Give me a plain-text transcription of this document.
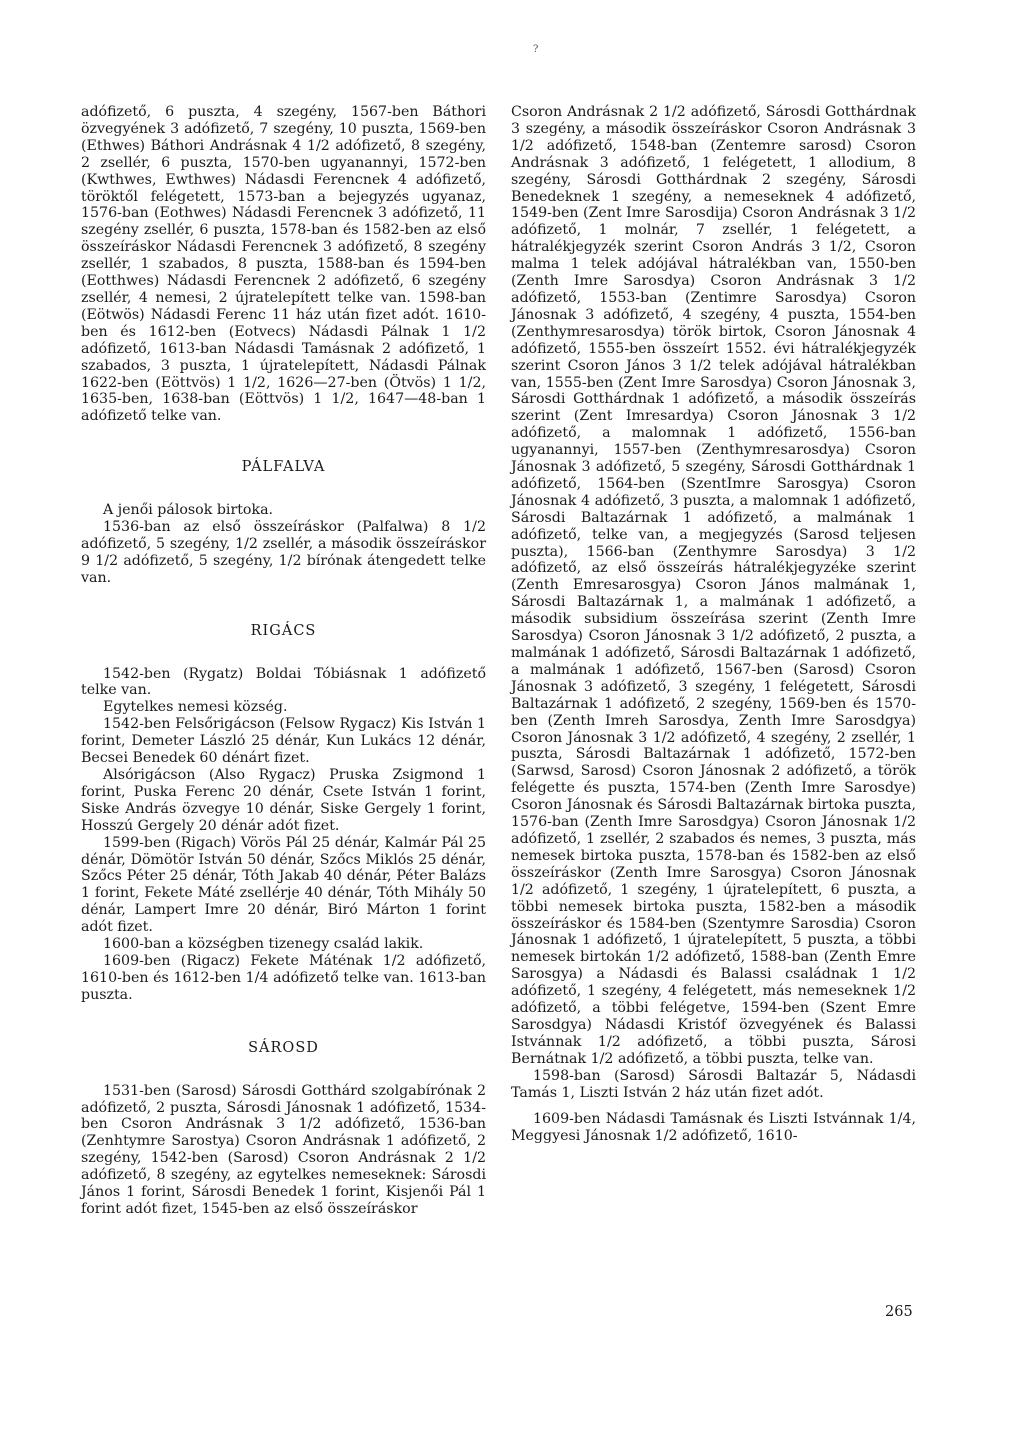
?

adófizető, 6 puszta, 4 szegény, 1567-ben Báthori özvegyének 3 adófizető, 7 szegény, 10 puszta, 1569-ben (Ethwes) Báthori Andrásnak 4 1/2 adófizető, 8 szegény, 2 zsellér, 6 puszta, 1570-ben ugyanannyi, 1572-ben (Kwthwes, Ewthwes) Nádasdi Ferencnek 4 adófizető, töröktől felégetett, 1573-ban a bejegyzés ugyanaz, 1576-ban (Eothwes) Nádasdi Ferencnek 3 adófizető, 11 szegény zsellér, 6 puszta, 1578-ban és 1582-ben az első összeíráskor Nádasdi Ferencnek 3 adófizető, 8 szegény zsellér, 1 szabados, 8 puszta, 1588-ban és 1594-ben (Eotthwes) Nádasdi Ferencnek 2 adófizető, 6 szegény zsellér, 4 nemesi, 2 újratelepített telke van. 1598-ban (Eötwös) Nádasdi Ferenc 11 ház után fizet adót. 1610-ben és 1612-ben (Eotvecs) Nádasdi Pálnak 1 1/2 adófizető, 1613-ban Nádasdi Tamásnak 2 adófizető, 1 szabados, 3 puszta, 1 újratelepített, Nádasdi Pálnak 1622-ben (Eöttvös) 1 1/2, 1626—27-ben (Ötvös) 1 1/2, 1635-ben, 1638-ban (Eöttvös) 1 1/2, 1647—48-ban 1 adófizető telke van.

PÁLFALVA

A jenői pálosok birtoka.

1536-ban az első összeíráskor (Palfalwa) 8 1/2 adófizető, 5 szegény, 1/2 zsellér, a második összeíráskor 9 1/2 adófizető, 5 szegény, 1/2 bírónak átengedett telke van.

RIGÁCS

1542-ben (Rygatz) Boldai Tóbiásnak 1 adófizető telke van.

Egytelkes nemesi község.

1542-ben Felsőrigácson (Felsow Rygacz) Kis István 1 forint, Demeter László 25 dénár, Kun Lukács 12 dénár, Becsei Benedek 60 dénárt fizet.

Alsórigácson (Also Rygacz) Pruska Zsigmond 1 forint, Puska Ferenc 20 dénár, Csete István 1 forint, Siske András özvegye 10 dénár, Siske Gergely 1 forint, Hosszú Gergely 20 dénár adót fizet.

1599-ben (Rigach) Vörös Pál 25 dénár, Kalmár Pál 25 dénár, Dömötör István 50 dénár, Szőcs Miklós 25 dénár, Szőcs Péter 25 dénár, Tóth Jakab 40 dénár, Péter Balázs 1 forint, Fekete Máté zsellérje 40 dénár, Tóth Mihály 50 dénár, Lampert Imre 20 dénár, Biró Márton 1 forint adót fizet.

1600-ban a községben tizenegy család lakik.

1609-ben (Rigacz) Fekete Máténak 1/2 adófizető, 1610-ben és 1612-ben 1/4 adófizető telke van. 1613-ban puszta.

SÁROSD

1531-ben (Sarosd) Sárosdi Gotthárd szolgabírónak 2 adófizető, 2 puszta, Sárosdi Jánosnak 1 adófizető, 1534-ben Csoron Andrásnak 3 1/2 adófizető, 1536-ban (Zenhtymre Sarostya) Csoron Andrásnak 1 adófizető, 2 szegény, 1542-ben (Sarosd) Csoron Andrásnak 2 1/2 adófizető, 8 szegény, az egytelkes nemeseknek: Sárosdi János 1 forint, Sárosdi Benedek 1 forint, Kisjenői Pál 1 forint adót fizet, 1545-ben az első összeíráskor

Csoron Andrásnak 2 1/2 adófizető, Sárosdi Gotthárdnak 3 szegény, a második összeíráskor Csoron Andrásnak 3 1/2 adófizető, 1548-ban (Zentemre sarosd) Csoron Andrásnak 3 adófizető, 1 felégetett, 1 allodium, 8 szegény, Sárosdi Gotthárdnak 2 szegény, Sárosdi Benedeknek 1 szegény, a nemeseknek 4 adófizető, 1549-ben (Zent Imre Sarosdija) Csoron Andrásnak 3 1/2 adófizető, 1 molnár, 7 zsellér, 1 felégetett, a hátralékjegyzék szerint Csoron András 3 1/2, Csoron malma 1 telek adójával hátralékban van, 1550-ben (Zenth Imre Sarosdya) Csoron Andrásnak 3 1/2 adófizető, 1553-ban (Zentimre Sarosdya) Csoron Jánosnak 3 adófizető, 4 szegény, 4 puszta, 1554-ben (Zenthymresarosdya) török birtok, Csoron Jánosnak 4 adófizető, 1555-ben összeírt 1552. évi hátralékjegyzék szerint Csoron János 3 1/2 telek adójával hátralékban van, 1555-ben (Zent Imre Sarosdya) Csoron Jánosnak 3, Sárosdi Gotthárdnak 1 adófizető, a második összeírás szerint (Zent Imresardya) Csoron Jánosnak 3 1/2 adófizető, a malomnak 1 adófizető, 1556-ban ugyanannyi, 1557-ben (Zenthymresarosdya) Csoron Jánosnak 3 adófizető, 5 szegény, Sárosdi Gotthárdnak 1 adófizető, 1564-ben (SzentImre Sarosgya) Csoron Jánosnak 4 adófizető, 3 puszta, a malomnak 1 adófizető, Sárosdi Baltazárnak 1 adófizető, a malmának 1 adófizető, telke van, a megjegyzés (Sarosd teljesen puszta), 1566-ban (Zenthymre Sarosdya) 3 1/2 adófizető, az első összeírás hátralékjegyzéke szerint (Zenth Emresarosgya) Csoron János malmának 1, Sárosdi Baltazárnak 1, a malmának 1 adófizető, a második subsidium összeírása szerint (Zenth Imre Sarosdya) Csoron Jánosnak 3 1/2 adófizető, 2 puszta, a malmának 1 adófizető, Sárosdi Baltazárnak 1 adófizető, a malmának 1 adófizető, 1567-ben (Sarosd) Csoron Jánosnak 3 adófizető, 3 szegény, 1 felégetett, Sárosdi Baltazárnak 1 adófizető, 2 szegény, 1569-ben és 1570-ben (Zenth Imreh Sarosdya, Zenth Imre Sarosdgya) Csoron Jánosnak 3 1/2 adófizető, 4 szegény, 2 zsellér, 1 puszta, Sárosdi Baltazárnak 1 adófizető, 1572-ben (Sarwsd, Sarosd) Csoron Jánosnak 2 adófizető, a török felégette és puszta, 1574-ben (Zenth Imre Sarosdye) Csoron Jánosnak és Sárosdi Baltazárnak birtoka puszta, 1576-ban (Zenth Imre Sarosdgya) Csoron Jánosnak 1/2 adófizető, 1 zsellér, 2 szabados és nemes, 3 puszta, más nemesek birtoka puszta, 1578-ban és 1582-ben az első összeíráskor (Zenth Imre Sarosgya) Csoron Jánosnak 1/2 adófizető, 1 szegény, 1 újratelepített, 6 puszta, a többi nemesek birtoka puszta, 1582-ben a második összeíráskor és 1584-ben (Szentymre Sarosdia) Csoron Jánosnak 1 adófizető, 1 újratelepített, 5 puszta, a többi nemesek birtokán 1/2 adófizető, 1588-ban (Zenth Emre Sarosgya) a Nádasdi és Balassi családnak 1 1/2 adófizető, 1 szegény, 4 felégetett, más nemeseknek 1/2 adófizető, a többi felégetve, 1594-ben (Szent Emre Sarosdgya) Nádasdi Kristóf özvegyének és Balassi Istvánnak 1/2 adófizető, a többi puszta, Sárosi Bernátnak 1/2 adófizető, a többi puszta, telke van.

1598-ban (Sarosd) Sárosdi Baltazár 5, Nádasdi Tamás 1, Liszti István 2 ház után fizet adót.

1609-ben Nádasdi Tamásnak és Liszti Istvánnak 1/4, Meggyesi Jánosnak 1/2 adófizető, 1610-

265
